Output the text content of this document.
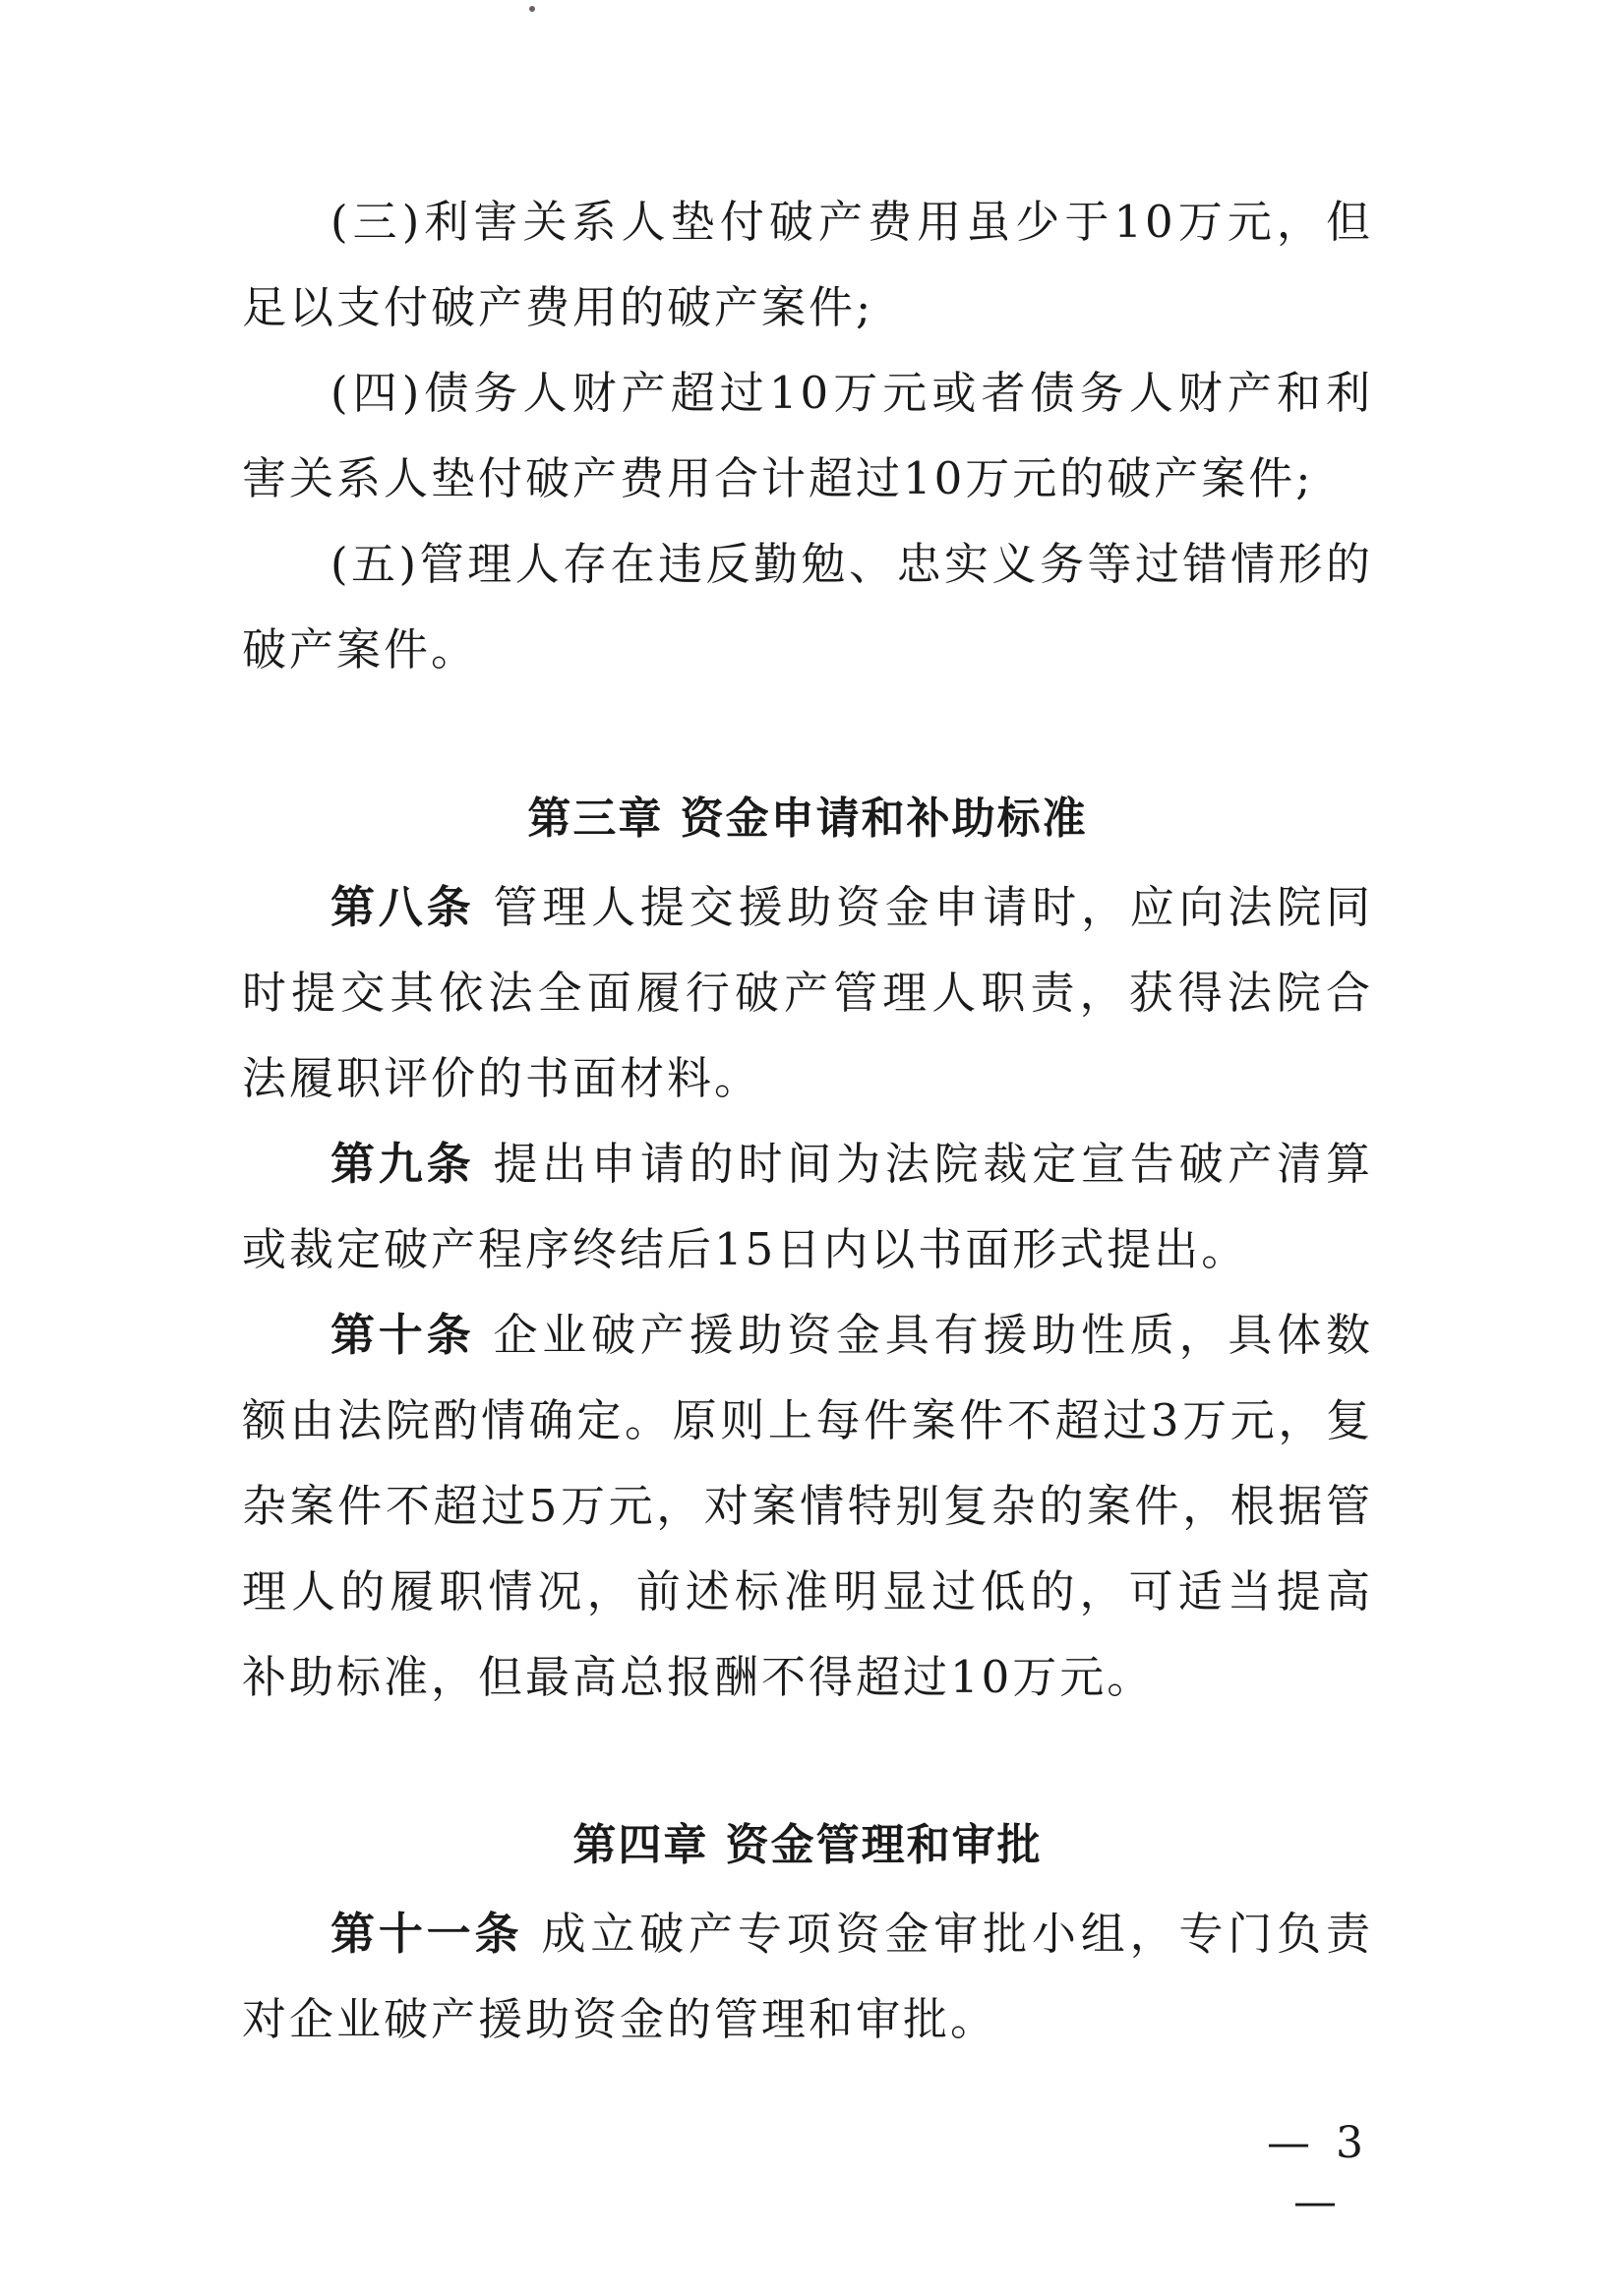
(三)利害关系人垫付破产费用虽少于10万元，但足以支付破产费用的破产案件;

(四)债务人财产超过10万元或者债务人财产和利害关系人垫付破产费用合计超过10万元的破产案件;

(五)管理人存在违反勤勉、忠实义务等过错情形的破产案件。

第三章 资金申请和补助标准

第八条 管理人提交援助资金申请时，应向法院同时提交其依法全面履行破产管理人职责，获得法院合法履职评价的书面材料。

第九条 提出申请的时间为法院裁定宣告破产清算或裁定破产程序终结后15日内以书面形式提出。

第十条 企业破产援助资金具有援助性质，具体数额由法院酌情确定。原则上每件案件不超过3万元，复杂案件不超过5万元，对案情特别复杂的案件，根据管理人的履职情况，前述标准明显过低的，可适当提高补助标准，但最高总报酬不得超过10万元。

第四章 资金管理和审批

第十一条 成立破产专项资金审批小组，专门负责对企业破产援助资金的管理和审批。

— 3 —
